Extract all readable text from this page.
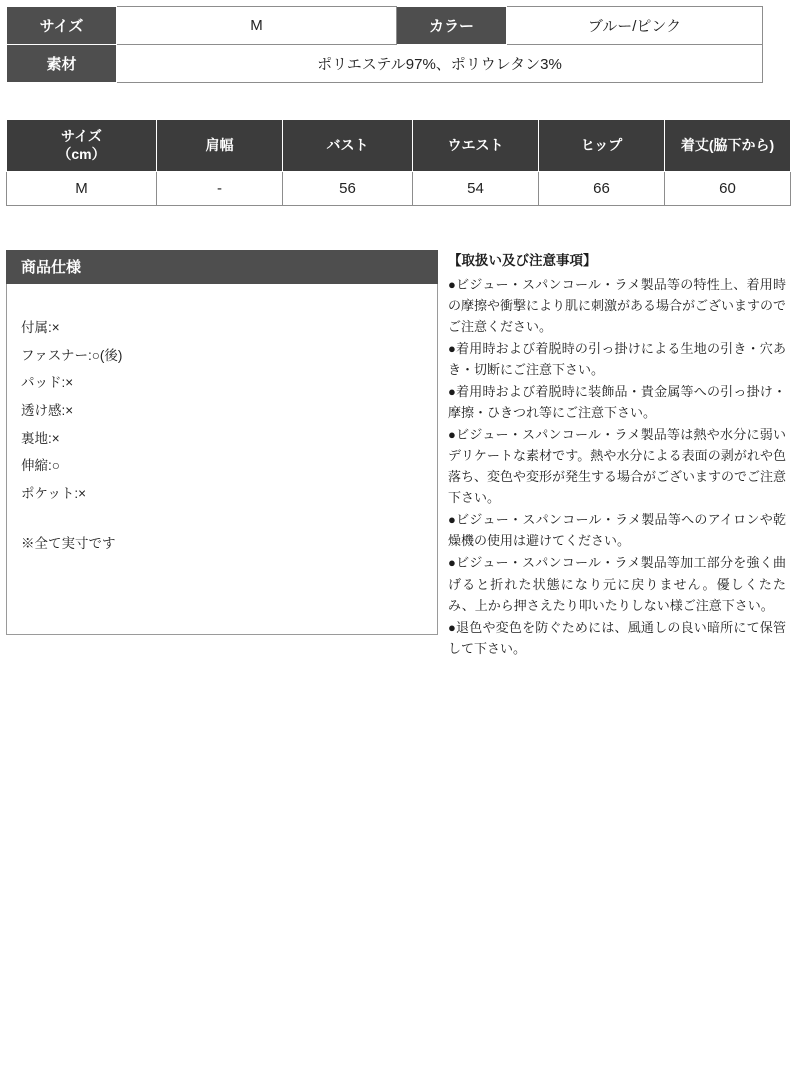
サイズ	M	カラー	ブルー/ピンク
素材	ポリエステル97%、ポリウレタン3%		
サイズ
（cm）	肩幅	バスト	ウエスト	ヒップ	着丈(脇下から)
M	-	56	54	66	60
商品仕様
付属:×
ファスナー:○(後)
パッド:×
透け感:×
裏地:×
伸縮:○
ポケット:×
※全て実寸です
【取扱い及び注意事項】

●ビジュー・スパンコール・ラメ製品等の特性上、着用時の摩擦や衝撃により肌に刺激がある場合がございますのでご注意ください。

●着用時および着脱時の引っ掛けによる生地の引き・穴あき・切断にご注意下さい。

●着用時および着脱時に装飾品・貴金属等への引っ掛け・摩擦・ひきつれ等にご注意下さい。

●ビジュー・スパンコール・ラメ製品等は熱や水分に弱いデリケートな素材です。熱や水分による表面の剥がれや色落ち、変色や変形が発生する場合がございますのでご注意下さい。

●ビジュー・スパンコール・ラメ製品等へのアイロンや乾燥機の使用は避けてください。

●ビジュー・スパンコール・ラメ製品等加工部分を強く曲げると折れた状態になり元に戻りません。優しくたたみ、上から押さえたり叩いたりしない様ご注意下さい。

●退色や変色を防ぐためには、風通しの良い暗所にて保管して下さい。
